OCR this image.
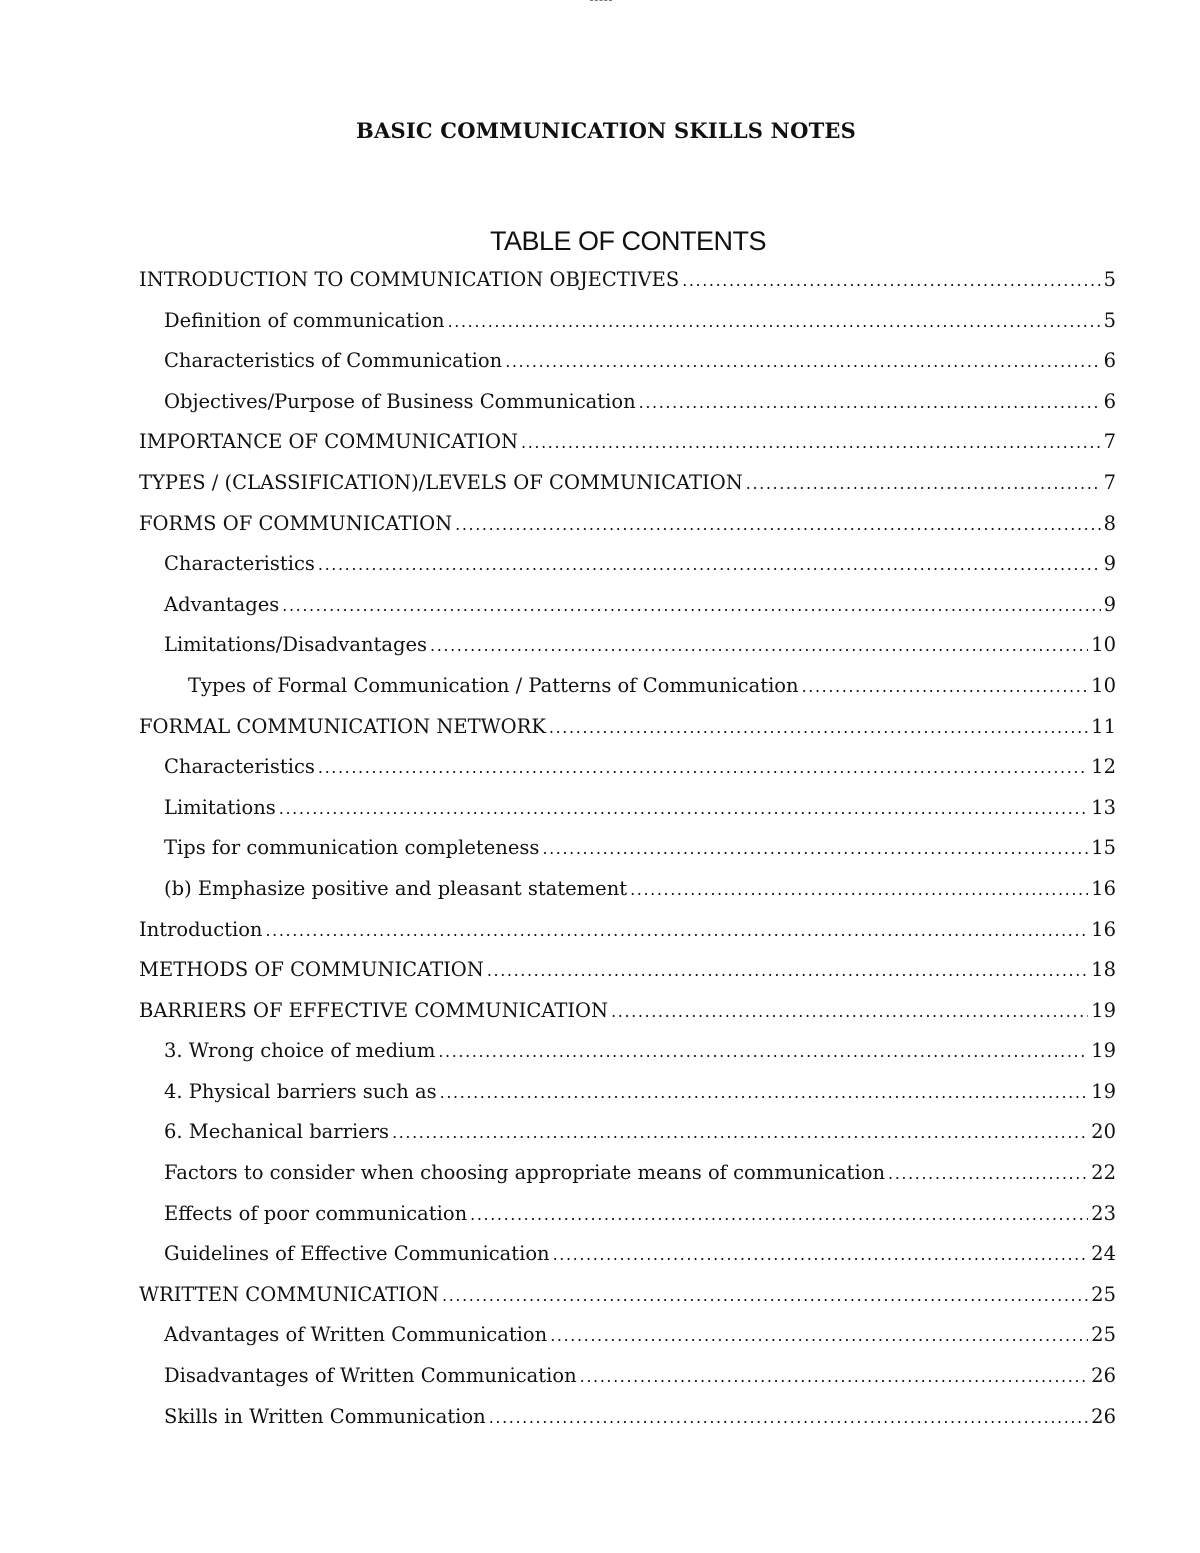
BASIC COMMUNICATION SKILLS NOTES
TABLE OF CONTENTS
INTRODUCTION TO COMMUNICATION OBJECTIVES .....	5
Definition of communication .....	5
Characteristics of Communication .....	6
Objectives/Purpose of Business Communication .....	6
IMPORTANCE OF COMMUNICATION .....	7
TYPES / (CLASSIFICATION)/LEVELS OF COMMUNICATION .....	7
FORMS OF COMMUNICATION .....	8
Characteristics .....	9
Advantages .....	9
Limitations/Disadvantages .....	10
Types of Formal Communication / Patterns of Communication .....	10
FORMAL COMMUNICATION NETWORK .....	11
Characteristics .....	12
Limitations .....	13
Tips for communication completeness .....	15
(b) Emphasize positive and pleasant statement .....	16
Introduction .....	16
METHODS OF COMMUNICATION .....	18
BARRIERS OF EFFECTIVE COMMUNICATION .....	19
3. Wrong choice of medium .....	19
4. Physical barriers such as .....	19
6. Mechanical barriers .....	20
Factors to consider when choosing appropriate means of communication .....	22
Effects of poor communication .....	23
Guidelines of Effective Communication .....	24
WRITTEN COMMUNICATION .....	25
Advantages of Written Communication .....	25
Disadvantages of Written Communication .....	26
Skills in Written Communication .....	26
